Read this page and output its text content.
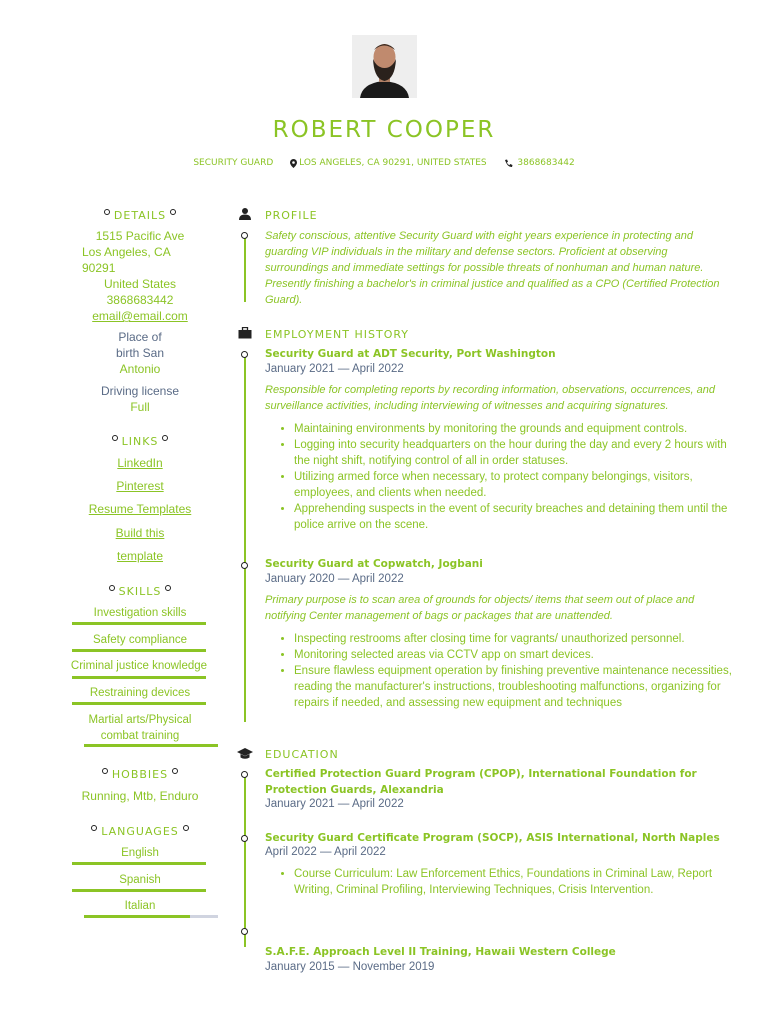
ROBERT COOPER
SECURITY GUARD	LOS ANGELES, CA 90291, UNITED STATES	3868683442
DETAILS
1515 Pacific Ave
Los Angeles, CA
90291
United States
3868683442
email@email.com
Place of
birth San
Antonio
Driving license
Full
LINKS
LinkedIn
Pinterest
Resume Templates
Build this
template
SKILLS
Investigation skills
Safety compliance
Criminal justice knowledge
Restraining devices
Martial arts/Physical
combat training
HOBBIES
Running, Mtb, Enduro
LANGUAGES
English
Spanish
Italian
PROFILE
Safety conscious, attentive Security Guard with eight years experience in protecting and guarding VIP individuals in the military and defense sectors. Proficient at observing surroundings and immediate settings for possible threats of nonhuman and human nature. Presently finishing a bachelor's in criminal justice and qualified as a CPO (Certified Protection Guard).
EMPLOYMENT HISTORY
Security Guard at ADT Security, Port Washington
January 2021 — April 2022
Responsible for completing reports by recording information, observations, occurrences, and surveillance activities, including interviewing of witnesses and acquiring signatures.
• Maintaining environments by monitoring the grounds and equipment controls.
• Logging into security headquarters on the hour during the day and every 2 hours with the night shift, notifying control of all in order statuses.
• Utilizing armed force when necessary, to protect company belongings, visitors, employees, and clients when needed.
• Apprehending suspects in the event of security breaches and detaining them until the police arrive on the scene.
Security Guard at Copwatch, Jogbani
January 2020 — April 2022
Primary purpose is to scan area of grounds for objects/ items that seem out of place and notifying Center management of bags or packages that are unattended.
• Inspecting restrooms after closing time for vagrants/ unauthorized personnel.
• Monitoring selected areas via CCTV app on smart devices.
• Ensure flawless equipment operation by finishing preventive maintenance necessities, reading the manufacturer's instructions, troubleshooting malfunctions, organizing for repairs if needed, and assessing new equipment and techniques
EDUCATION
Certified Protection Guard Program (CPOP), International Foundation for Protection Guards, Alexandria
January 2021 — April 2022
Security Guard Certificate Program (SOCP), ASIS International, North Naples
April 2022 — April 2022
• Course Curriculum: Law Enforcement Ethics, Foundations in Criminal Law, Report Writing, Criminal Profiling, Interviewing Techniques, Crisis Intervention.
S.A.F.E. Approach Level II Training, Hawaii Western College
January 2015 — November 2019
